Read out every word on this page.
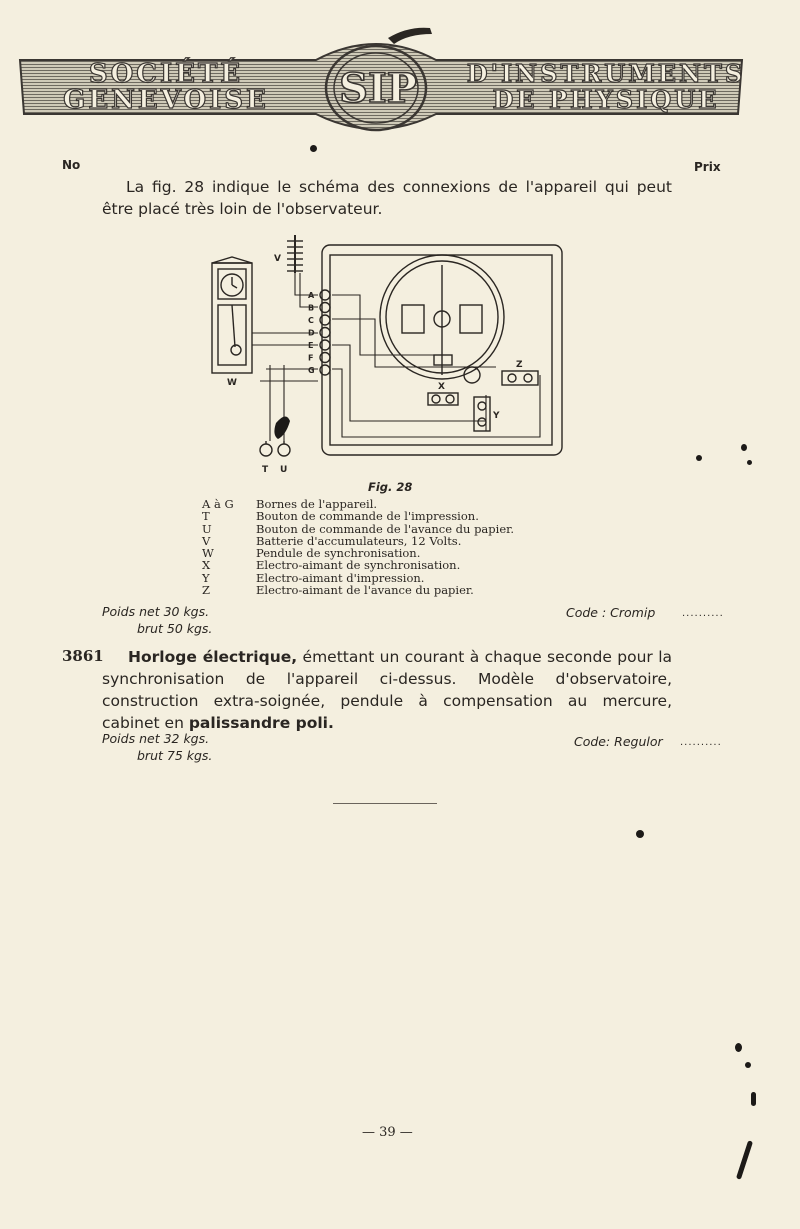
SOCIÉTÉ
GENEVOISE SIP D'INSTRUMENTS
DE PHYSIQUE
No	Prix
La fig. 28 indique le schéma des connexions de l'appareil qui peut être placé très loin de l'observateur.
W
V
A
B
C
D
E
F
G
X
Z
Y
T U
Fig. 28
A à G	Bornes de l'appareil.
T	Bouton de commande de l'impression.
U	Bouton de commande de l'avance du papier.
V	Batterie d'accumulateurs, 12 Volts.
W	Pendule de synchronisation.
X	Electro-aimant de synchronisation.
Y	Electro-aimant d'impression.
Z	Electro-aimant de l'avance du papier.
Poids net 30 kgs.
brut 50 kgs.
Code : Cromip	..........
3861	Horloge électrique, émettant un courant à chaque seconde pour la synchronisation de l'appareil ci-dessus. Modèle d'observatoire, construction extra-soignée, pendule à compensation au mercure, cabinet en palissandre poli.
Poids net 32 kgs.
brut 75 kgs.
Code: Regulor ..........
— 39 —
